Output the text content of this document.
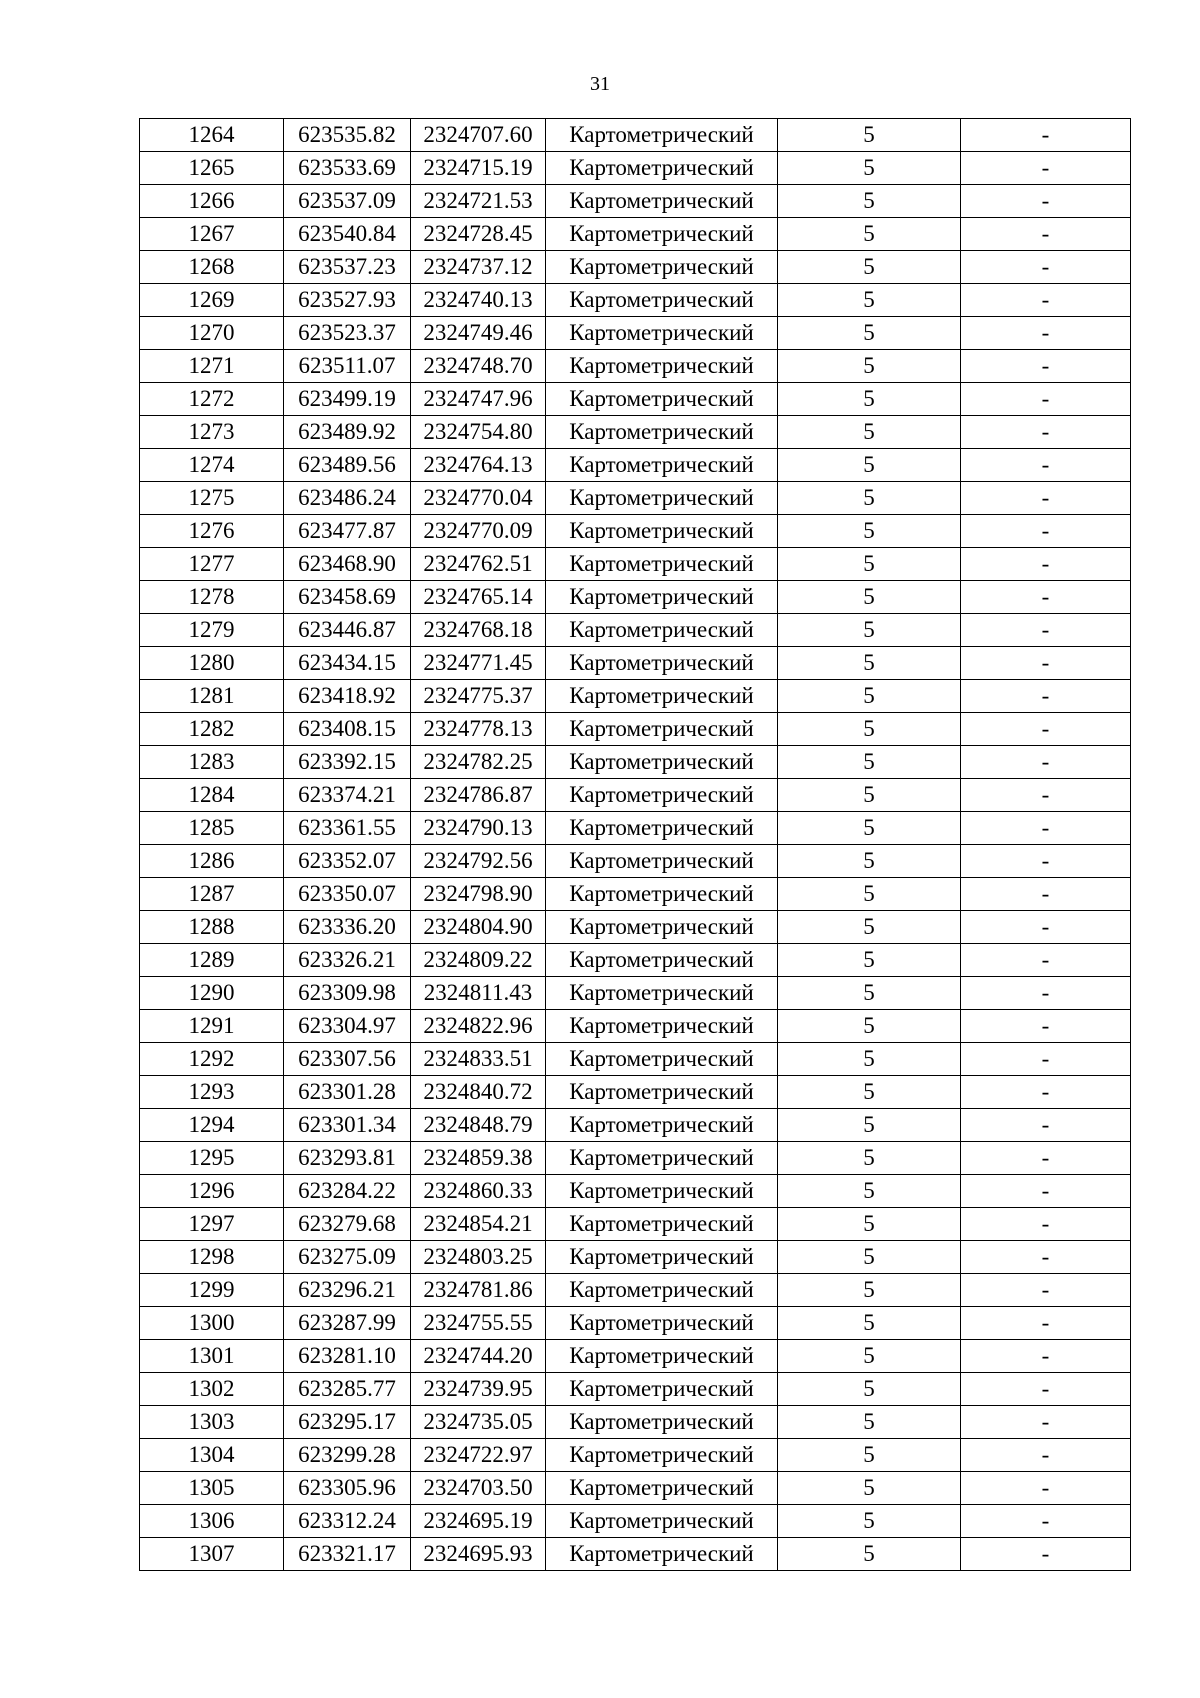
31
1264	623535.82	2324707.60	Картометрический	5	-
1265	623533.69	2324715.19	Картометрический	5	-
1266	623537.09	2324721.53	Картометрический	5	-
1267	623540.84	2324728.45	Картометрический	5	-
1268	623537.23	2324737.12	Картометрический	5	-
1269	623527.93	2324740.13	Картометрический	5	-
1270	623523.37	2324749.46	Картометрический	5	-
1271	623511.07	2324748.70	Картометрический	5	-
1272	623499.19	2324747.96	Картометрический	5	-
1273	623489.92	2324754.80	Картометрический	5	-
1274	623489.56	2324764.13	Картометрический	5	-
1275	623486.24	2324770.04	Картометрический	5	-
1276	623477.87	2324770.09	Картометрический	5	-
1277	623468.90	2324762.51	Картометрический	5	-
1278	623458.69	2324765.14	Картометрический	5	-
1279	623446.87	2324768.18	Картометрический	5	-
1280	623434.15	2324771.45	Картометрический	5	-
1281	623418.92	2324775.37	Картометрический	5	-
1282	623408.15	2324778.13	Картометрический	5	-
1283	623392.15	2324782.25	Картометрический	5	-
1284	623374.21	2324786.87	Картометрический	5	-
1285	623361.55	2324790.13	Картометрический	5	-
1286	623352.07	2324792.56	Картометрический	5	-
1287	623350.07	2324798.90	Картометрический	5	-
1288	623336.20	2324804.90	Картометрический	5	-
1289	623326.21	2324809.22	Картометрический	5	-
1290	623309.98	2324811.43	Картометрический	5	-
1291	623304.97	2324822.96	Картометрический	5	-
1292	623307.56	2324833.51	Картометрический	5	-
1293	623301.28	2324840.72	Картометрический	5	-
1294	623301.34	2324848.79	Картометрический	5	-
1295	623293.81	2324859.38	Картометрический	5	-
1296	623284.22	2324860.33	Картометрический	5	-
1297	623279.68	2324854.21	Картометрический	5	-
1298	623275.09	2324803.25	Картометрический	5	-
1299	623296.21	2324781.86	Картометрический	5	-
1300	623287.99	2324755.55	Картометрический	5	-
1301	623281.10	2324744.20	Картометрический	5	-
1302	623285.77	2324739.95	Картометрический	5	-
1303	623295.17	2324735.05	Картометрический	5	-
1304	623299.28	2324722.97	Картометрический	5	-
1305	623305.96	2324703.50	Картометрический	5	-
1306	623312.24	2324695.19	Картометрический	5	-
1307	623321.17	2324695.93	Картометрический	5	-
